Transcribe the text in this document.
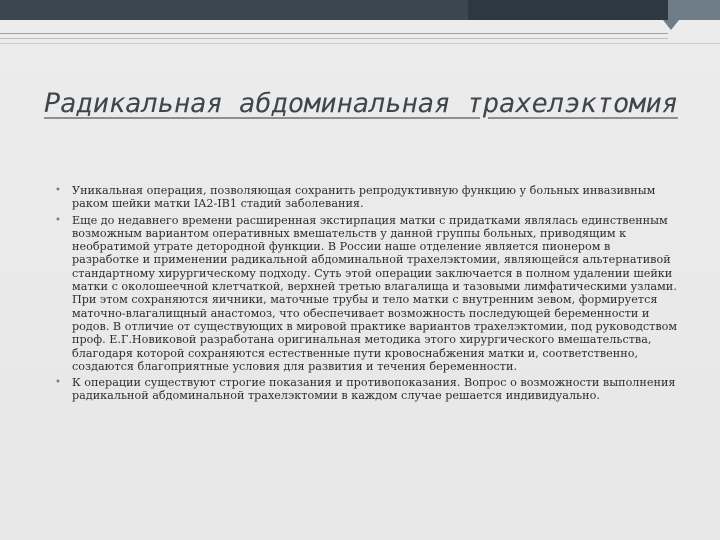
Радикальная абдоминальная трахелэктомия
• Уникальная операция, позволяющая сохранить репродуктивную функцию у больных инвазивным раком шейки матки IA2-IB1 стадий заболевания.
• Еще до недавнего времени расширенная экстирпация матки с придатками являлась единственным возможным вариантом оперативных вмешательств у данной группы больных, приводящим к необратимой утрате детородной функции. В России наше отделение является пионером в разработке и применении радикальной абдоминальной трахелэктомии, являющейся альтернативой стандартному хирургическому подходу. Суть этой операции заключается в полном удалении шейки матки с околошеечной клетчаткой, верхней третью влагалища и тазовыми лимфатическими узлами. При этом сохраняются яичники, маточные трубы и тело матки с внутренним зевом, формируется маточно-влагалищный анастомоз, что обеспечивает возможность последующей беременности и родов. В отличие от существующих в мировой практике вариантов трахелэктомии, под руководством проф. Е.Г.Новиковой разработана оригинальная методика этого хирургического вмешательства, благодаря которой сохраняются естественные пути кровоснабжения матки и, соответственно, создаются благоприятные условия для развития и течения беременности.
• К операции существуют строгие показания и противопоказания. Вопрос о возможности выполнения радикальной абдоминальной трахелэктомии в каждом случае решается индивидуально.
